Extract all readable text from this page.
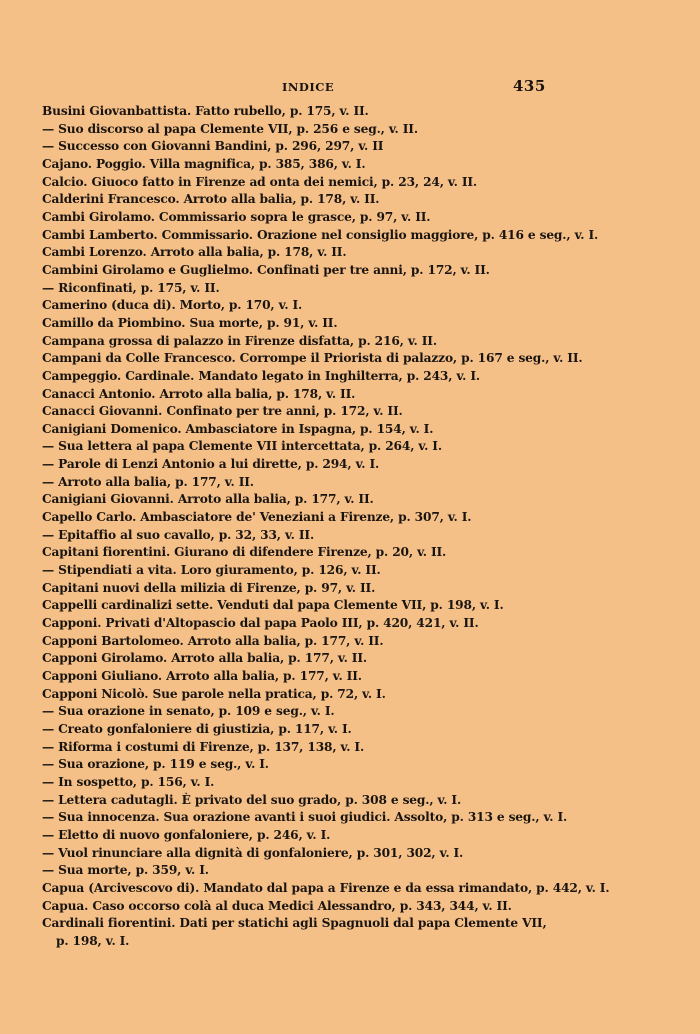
INDICE	435
Busini Giovanbattista. Fatto rubello, p. 175, v. II.
— Suo discorso al papa Clemente VII, p. 256 e seg., v. II.
— Successo con Giovanni Bandini, p. 296, 297, v. II
Cajano. Poggio. Villa magnifica, p. 385, 386, v. I.
Calcio. Giuoco fatto in Firenze ad onta dei nemici, p. 23, 24, v. II.
Calderini Francesco. Arroto alla balia, p. 178, v. II.
Cambi Girolamo. Commissario sopra le grasce, p. 97, v. II.
Cambi Lamberto. Commissario. Orazione nel consiglio maggiore, p. 416 e seg., v. I.
Cambi Lorenzo. Arroto alla balia, p. 178, v. II.
Cambini Girolamo e Guglielmo. Confinati per tre anni, p. 172, v. II.
— Riconfinati, p. 175, v. II.
Camerino (duca di). Morto, p. 170, v. I.
Camillo da Piombino. Sua morte, p. 91, v. II.
Campana grossa di palazzo in Firenze disfatta, p. 216, v. II.
Campani da Colle Francesco. Corrompe il Priorista di palazzo, p. 167 e seg., v. II.
Campeggio. Cardinale. Mandato legato in Inghilterra, p. 243, v. I.
Canacci Antonio. Arroto alla balia, p. 178, v. II.
Canacci Giovanni. Confinato per tre anni, p. 172, v. II.
Canigiani Domenico. Ambasciatore in Ispagna, p. 154, v. I.
— Sua lettera al papa Clemente VII intercettata, p. 264, v. I.
— Parole di Lenzi Antonio a lui dirette, p. 294, v. I.
— Arroto alla balia, p. 177, v. II.
Canigiani Giovanni. Arroto alla balia, p. 177, v. II.
Capello Carlo. Ambasciatore de' Veneziani a Firenze, p. 307, v. I.
— Epitaffio al suo cavallo, p. 32, 33, v. II.
Capitani fiorentini. Giurano di difendere Firenze, p. 20, v. II.
— Stipendiati a vita. Loro giuramento, p. 126, v. II.
Capitani nuovi della milizia di Firenze, p. 97, v. II.
Cappelli cardinalizi sette. Venduti dal papa Clemente VII, p. 198, v. I.
Capponi. Privati d'Altopascio dal papa Paolo III, p. 420, 421, v. II.
Capponi Bartolomeo. Arroto alla balia, p. 177, v. II.
Capponi Girolamo. Arroto alla balia, p. 177, v. II.
Capponi Giuliano. Arroto alla balia, p. 177, v. II.
Capponi Nicolò. Sue parole nella pratica, p. 72, v. I.
— Sua orazione in senato, p. 109 e seg., v. I.
— Creato gonfaloniere di giustizia, p. 117, v. I.
— Riforma i costumi di Firenze, p. 137, 138, v. I.
— Sua orazione, p. 119 e seg., v. I.
— In sospetto, p. 156, v. I.
— Lettera cadutagli. È privato del suo grado, p. 308 e seg., v. I.
— Sua innocenza. Sua orazione avanti i suoi giudici. Assolto, p. 313 e seg., v. I.
— Eletto di nuovo gonfaloniere, p. 246, v. I.
— Vuol rinunciare alla dignità di gonfaloniere, p. 301, 302, v. I.
— Sua morte, p. 359, v. I.
Capua (Arcivescovo di). Mandato dal papa a Firenze e da essa rimandato, p. 442, v. I.
Capua. Caso occorso colà al duca Medici Alessandro, p. 343, 344, v. II.
Cardinali fiorentini. Dati per statichi agli Spagnuoli dal papa Clemente VII,
p. 198, v. I.
